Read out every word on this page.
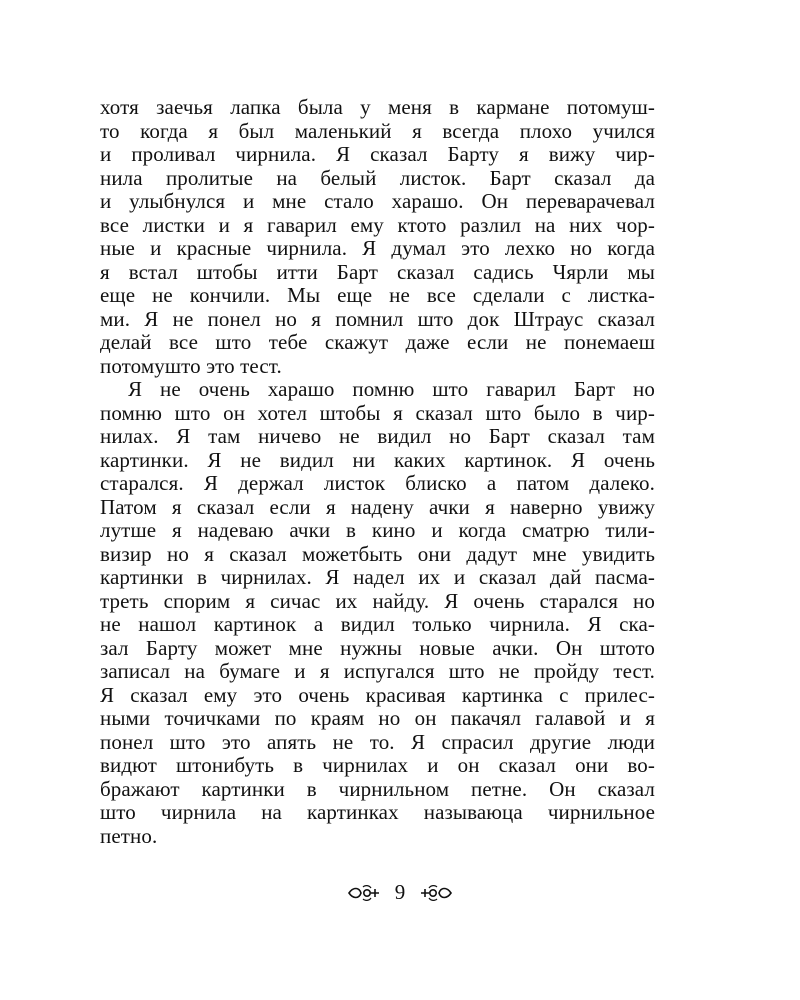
хотя заечья лапка была у меня в кармане потомуш-
то когда я был маленький я всегда плохо учился
и проливал чирнила. Я сказал Барту я вижу чир-
нила пролитые на белый листок. Барт сказал да
и улыбнулся и мне стало харашо. Он переварачевал
все листки и я гаварил ему ктото разлил на них чор-
ные и красные чирнила. Я думал это лехко но когда
я встал штобы итти Барт сказал садись Чярли мы
еще не кончили. Мы еще не все сделали с листка-
ми. Я не понел но я помнил што док Штраус сказал
делай все што тебе скажут даже если не понемаеш
потомушто это тест.
Я не очень харашо помню што гаварил Барт но
помню што он хотел штобы я сказал што было в чир-
нилах. Я там ничево не видил но Барт сказал там
картинки. Я не видил ни каких картинок. Я очень
старался. Я держал листок блиско а патом далеко.
Патом я сказал если я надену ачки я наверно увижу
лутше я надеваю ачки в кино и когда сматрю тили-
визир но я сказал можетбыть они дадут мне увидить
картинки в чирнилах. Я надел их и сказал дай пасма-
треть спорим я сичас их найду. Я очень старался но
не нашол картинок а видил только чирнила. Я ска-
зал Барту может мне нужны новые ачки. Он штото
записал на бумаге и я испугался што не пройду тест.
Я сказал ему это очень красивая картинка с прилес-
ными точичками по краям но он пакачял галавой и я
понел што это апять не то. Я спрасил другие люди
видют штонибуть в чирнилах и он сказал они во-
бражают картинки в чирнильном петне. Он сказал
што чирнила на картинках называюца чирнильное
петно.
9
